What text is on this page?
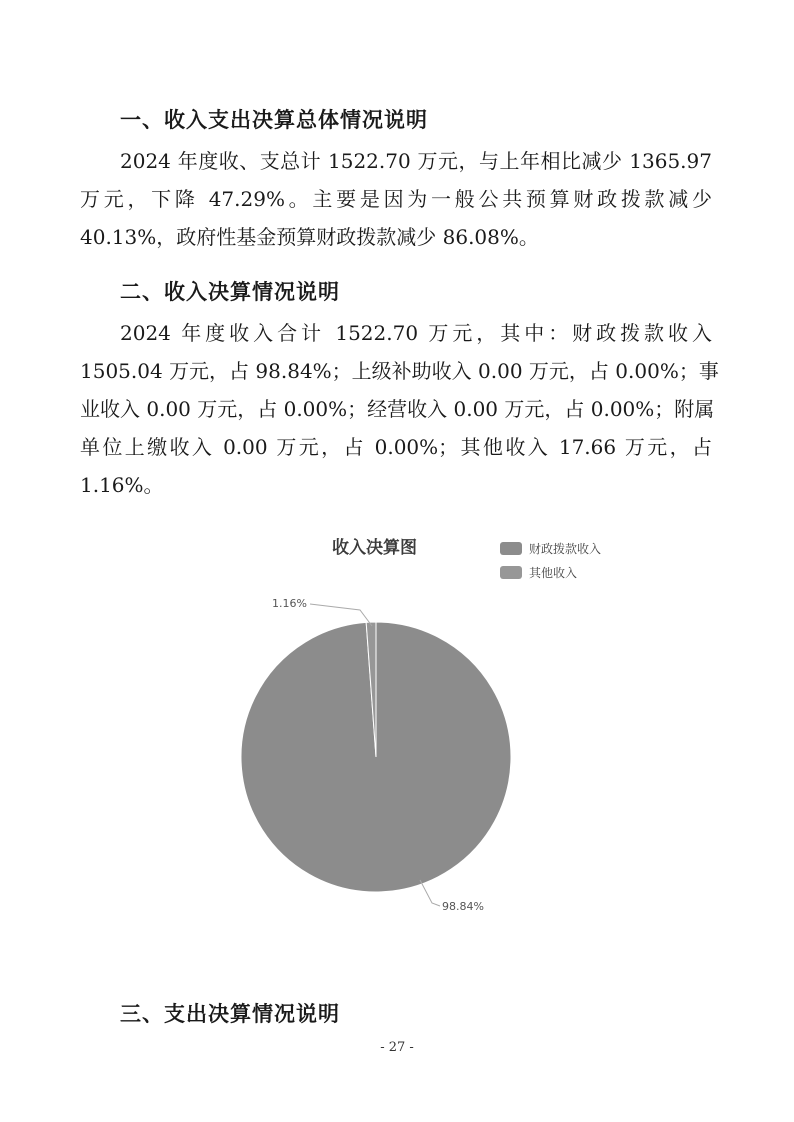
一、收入支出决算总体情况说明
2024 年度收、支总计 1522.70 万元，与上年相比减少 1365.97
万元，下降 47.29%。主要是因为一般公共预算财政拨款减少
40.13%，政府性基金预算财政拨款减少 86.08%。
二、收入决算情况说明
2024 年度收入合计 1522.70 万元，其中：财政拨款收入
1505.04 万元，占 98.84%；上级补助收入 0.00 万元，占 0.00%；事
业收入 0.00 万元，占 0.00%；经营收入 0.00 万元，占 0.00%；附属
单位上缴收入 0.00 万元，占 0.00%；其他收入 17.66 万元，占
1.16%。
收入决算图	财政拨款收入
其他收入
1.16%
98.84%
三、支出决算情况说明
- 27 -
